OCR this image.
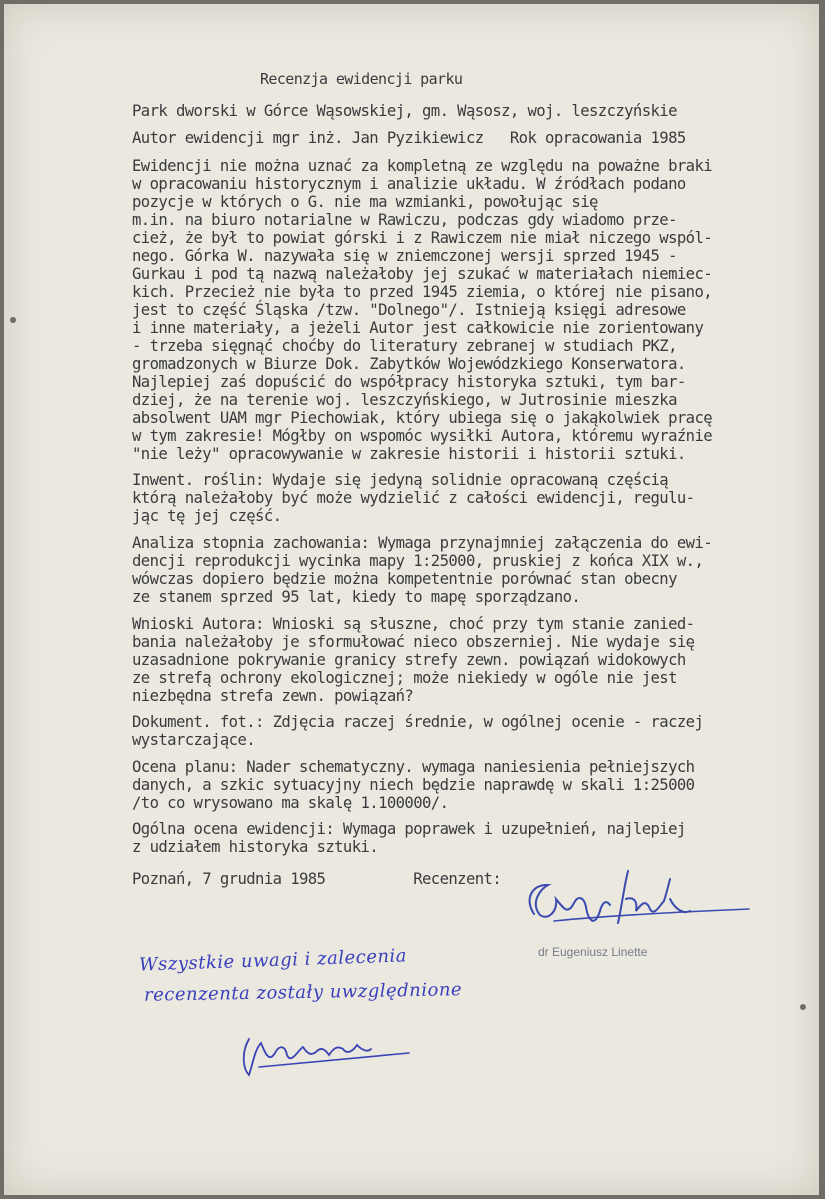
Recenzja ewidencji parku
Park dworski w Górce Wąsowskiej, gm. Wąsosz, woj. leszczyńskie
Autor ewidencji mgr inż. Jan Pyzikiewicz   Rok opracowania 1985
Ewidencji nie można uznać za kompletną ze względu na poważne braki
w opracowaniu historycznym i analizie układu. W źródłach podano
pozycje w których o G. nie ma wzmianki, powołując się
m.in. na biuro notarialne w Rawiczu, podczas gdy wiadomo prze-
cież, że był to powiat górski i z Rawiczem nie miał niczego wspól-
nego. Górka W. nazywała się w zniemczonej wersji sprzed 1945 -
Gurkau i pod tą nazwą należałoby jej szukać w materiałach niemiec-
kich. Przecież nie była to przed 1945 ziemia, o której nie pisano,
jest to część Śląska /tzw. "Dolnego"/. Istnieją księgi adresowe
i inne materiały, a jeżeli Autor jest całkowicie nie zorientowany
- trzeba sięgnąć choćby do literatury zebranej w studiach PKZ,
gromadzonych w Biurze Dok. Zabytków Wojewódzkiego Konserwatora.
Najlepiej zaś dopuścić do współpracy historyka sztuki, tym bar-
dziej, że na terenie woj. leszczyńskiego, w Jutrosinie mieszka
absolwent UAM mgr Piechowiak, który ubiega się o jakąkolwiek pracę
w tym zakresie! Mógłby on wspomóc wysiłki Autora, któremu wyraźnie
"nie leży" opracowywanie w zakresie historii i historii sztuki.
Inwent. roślin: Wydaje się jedyną solidnie opracowaną częścią
którą należałoby być może wydzielić z całości ewidencji, regulu-
jąc tę jej część.
Analiza stopnia zachowania: Wymaga przynajmniej załączenia do ewi-
dencji reprodukcji wycinka mapy 1:25000, pruskiej z końca XIX w.,
wówczas dopiero będzie można kompetentnie porównać stan obecny
ze stanem sprzed 95 lat, kiedy to mapę sporządzano.
Wnioski Autora: Wnioski są słuszne, choć przy tym stanie zanied-
bania należałoby je sformułować nieco obszerniej. Nie wydaje się
uzasadnione pokrywanie granicy strefy zewn. powiązań widokowych
ze strefą ochrony ekologicznej; może niekiedy w ogóle nie jest
niezbędna strefa zewn. powiązań?
Dokument. fot.: Zdjęcia raczej średnie, w ogólnej ocenie - raczej
wystarczające.
Ocena planu: Nader schematyczny. wymaga naniesienia pełniejszych
danych, a szkic sytuacyjny niech będzie naprawdę w skali 1:25000
/to co wrysowano ma skalę 1.100000/.
Ogólna ocena ewidencji: Wymaga poprawek i uzupełnień, najlepiej
z udziałem historyka sztuki.
Poznań, 7 grudnia 1985          Recenzent:
dr Eugeniusz Linette
Wszystkie uwagi i zalecenia
recenzenta zostały uwzględnione
